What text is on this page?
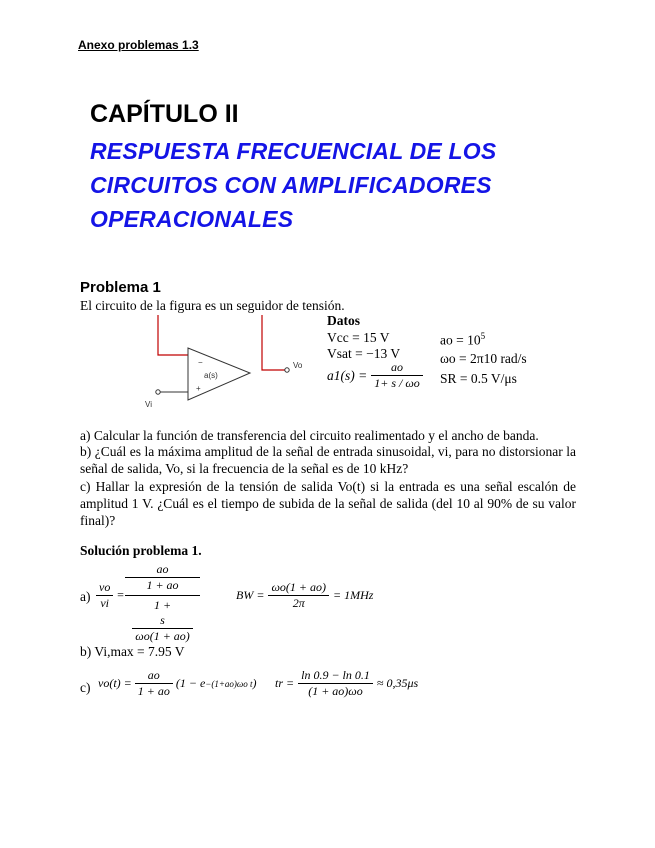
Anexo problemas 1.3
CAPÍTULO II
RESPUESTA FRECUENCIAL DE LOS
CIRCUITOS CON AMPLIFICADORES
OPERACIONALES
Problema 1
El circuito de la figura es un seguidor de tensión.
−
+
a(s)
Vo
Vi
Datos
Vcc = 15 V
Vsat = −13 V
$a1(s) = \frac{ao}{1+ s / \omega o}$
ao = $10^5$
ωo = 2π10 rad/s
SR = 0.5 V/μs
a) Calcular la función de transferencia del circuito realimentado y el ancho de banda.
b) ¿Cuál es la máxima amplitud de la señal de entrada sinusoidal, vi, para no distorsionar la señal de salida, Vo, si la frecuencia de la señal es de 10 kHz?
c) Hallar la expresión de la tensión de salida Vo(t) si la entrada es una señal escalón de amplitud 1 V. ¿Cuál es el tiempo de subida de la señal de salida (del 10 al 90% de su valor final)?
Solución problema 1.
$a) \frac{vo}{vi}$ =
ao
1 + ao
1 +
$\frac{s}{\omega o(1 + ao)}$
BW = $\frac{\omega o(1 + ao)}{2\pi} = 1MHz$
b) Vi,max = 7.95 V
c) $vo(t) = \frac{ao}{1 + ao} (1 - e -(1+ao)\omega o$ t ) tr = $\frac{\ln 0.9 - \ln 0.1}{(1 + ao)\omega o} \approx 0,35\mu s$
